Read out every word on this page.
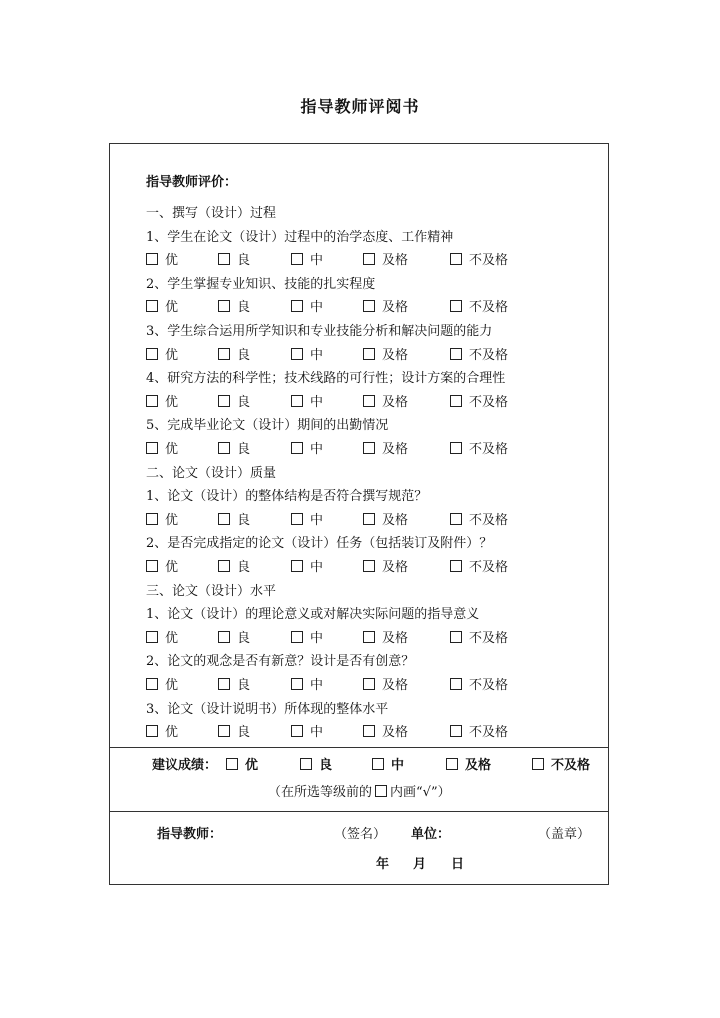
指导教师评阅书
指导教师评价：
一、撰写（设计）过程
1、学生在论文（设计）过程中的治学态度、工作精神
优	良	中	及格	不及格
2、学生掌握专业知识、技能的扎实程度
优	良	中	及格	不及格
3、学生综合运用所学知识和专业技能分析和解决问题的能力
优	良	中	及格	不及格
4、研究方法的科学性；技术线路的可行性；设计方案的合理性
优	良	中	及格	不及格
5、完成毕业论文（设计）期间的出勤情况
优	良	中	及格	不及格
二、论文（设计）质量
1、论文（设计）的整体结构是否符合撰写规范？
优	良	中	及格	不及格
2、是否完成指定的论文（设计）任务（包括装订及附件）？
优	良	中	及格	不及格
三、论文（设计）水平
1、论文（设计）的理论意义或对解决实际问题的指导意义
优	良	中	及格	不及格
2、论文的观念是否有新意？设计是否有创意？
优	良	中	及格	不及格
3、论文（设计说明书）所体现的整体水平
优	良	中	及格	不及格
建议成绩：	优	良	中	及格	不及格
（在所选等级前的 内画“√”）
指导教师：	（签名） 单位：	（盖章）
年 月 日
